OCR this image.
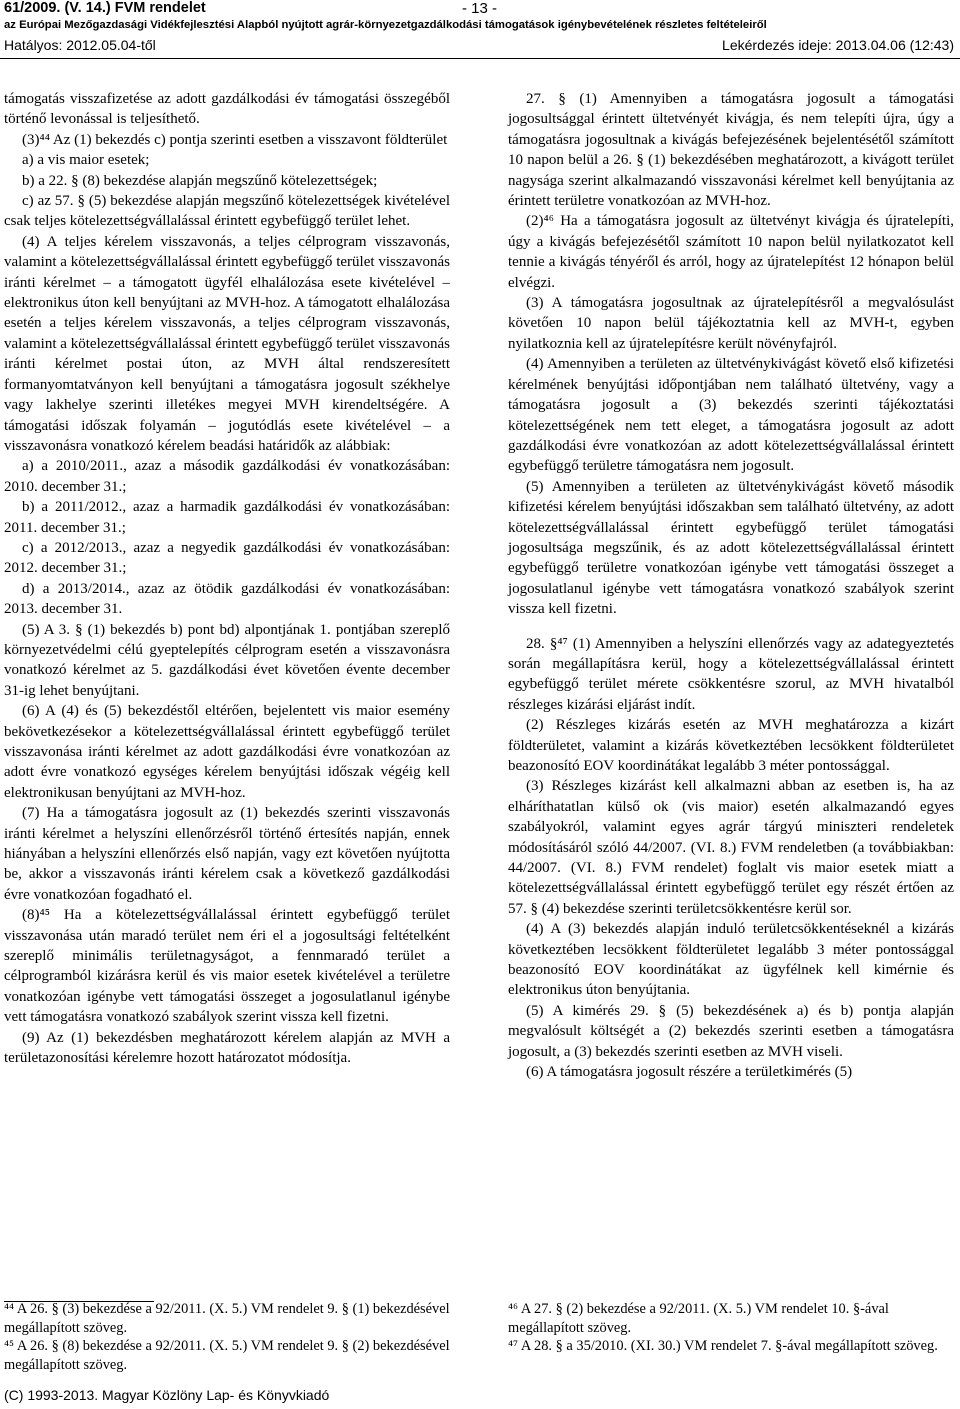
61/2009. (V. 14.) FVM rendelet	- 13 -
az Európai Mezőgazdasági Vidékfejlesztési Alapból nyújtott agrár-környezetgazdálkodási támogatások igénybevételének részletes feltételeiről
Hatályos: 2012.05.04-től	Lekérdezés ideje: 2013.04.06 (12:43)

támogatás visszafizetése az adott gazdálkodási év támogatási összegéből történő levonással is teljesíthető.

(3)⁴⁴ Az (1) bekezdés c) pontja szerinti esetben a visszavont földterület

a) a vis maior esetek;

b) a 22. § (8) bekezdése alapján megszűnő kötelezettségek;

c) az 57. § (5) bekezdése alapján megszűnő kötelezettségek kivételével csak teljes kötelezettségvállalással érintett egybefüggő terület lehet.

(4) A teljes kérelem visszavonás, a teljes célprogram visszavonás, valamint a kötelezettségvállalással érintett egybefüggő terület visszavonás iránti kérelmet – a támogatott ügyfél elhalálozása esete kivételével – elektronikus úton kell benyújtani az MVH-hoz. A támogatott elhalálozása esetén a teljes kérelem visszavonás, a teljes célprogram visszavonás, valamint a kötelezettségvállalással érintett egybefüggő terület visszavonás iránti kérelmet postai úton, az MVH által rendszeresített formanyomtatványon kell benyújtani a támogatásra jogosult székhelye vagy lakhelye szerinti illetékes megyei MVH kirendeltségére. A támogatási időszak folyamán – jogutódlás esete kivételével – a visszavonásra vonatkozó kérelem beadási határidők az alábbiak:

a) a 2010/2011., azaz a második gazdálkodási év vonatkozásában: 2010. december 31.;

b) a 2011/2012., azaz a harmadik gazdálkodási év vonatkozásában: 2011. december 31.;

c) a 2012/2013., azaz a negyedik gazdálkodási év vonatkozásában: 2012. december 31.;

d) a 2013/2014., azaz az ötödik gazdálkodási év vonatkozásában: 2013. december 31.

(5) A 3. § (1) bekezdés b) pont bd) alpontjának 1. pontjában szereplő környezetvédelmi célú gyeptelepítés célprogram esetén a visszavonásra vonatkozó kérelmet az 5. gazdálkodási évet követően évente december 31-ig lehet benyújtani.

(6) A (4) és (5) bekezdéstől eltérően, bejelentett vis maior esemény bekövetkezésekor a kötelezettségvállalással érintett egybefüggő terület visszavonása iránti kérelmet az adott gazdálkodási évre vonatkozóan az adott évre vonatkozó egységes kérelem benyújtási időszak végéig kell elektronikusan benyújtani az MVH-hoz.

(7) Ha a támogatásra jogosult az (1) bekezdés szerinti visszavonás iránti kérelmet a helyszíni ellenőrzésről történő értesítés napján, ennek hiányában a helyszíni ellenőrzés első napján, vagy ezt követően nyújtotta be, akkor a visszavonás iránti kérelem csak a következő gazdálkodási évre vonatkozóan fogadható el.

(8)⁴⁵ Ha a kötelezettségvállalással érintett egybefüggő terület visszavonása után maradó terület nem éri el a jogosultsági feltételként szereplő minimális területnagyságot, a fennmaradó terület a célprogramból kizárásra kerül és vis maior esetek kivételével a területre vonatkozóan igénybe vett támogatási összeget a jogosulatlanul igénybe vett támogatásra vonatkozó szabályok szerint vissza kell fizetni.

(9) Az (1) bekezdésben meghatározott kérelem alapján az MVH a területazonosítási kérelemre hozott határozatot módosítja.

27. § (1) Amennyiben a támogatásra jogosult a támogatási jogosultsággal érintett ültetvényét kivágja, és nem telepíti újra, úgy a támogatásra jogosultnak a kivágás befejezésének bejelentésétől számított 10 napon belül a 26. § (1) bekezdésében meghatározott, a kivágott terület nagysága szerint alkalmazandó visszavonási kérelmet kell benyújtania az érintett területre vonatkozóan az MVH-hoz.

(2)⁴⁶ Ha a támogatásra jogosult az ültetvényt kivágja és újratelepíti, úgy a kivágás befejezésétől számított 10 napon belül nyilatkozatot kell tennie a kivágás tényéről és arról, hogy az újratelepítést 12 hónapon belül elvégzi.

(3) A támogatásra jogosultnak az újratelepítésről a megvalósulást követően 10 napon belül tájékoztatnia kell az MVH-t, egyben nyilatkoznia kell az újratelepítésre került növényfajról.

(4) Amennyiben a területen az ültetvénykivágást követő első kifizetési kérelmének benyújtási időpontjában nem található ültetvény, vagy a támogatásra jogosult a (3) bekezdés szerinti tájékoztatási kötelezettségének nem tett eleget, a támogatásra jogosult az adott gazdálkodási évre vonatkozóan az adott kötelezettségvállalással érintett egybefüggő területre támogatásra nem jogosult.

(5) Amennyiben a területen az ültetvénykivágást követő második kifizetési kérelem benyújtási időszakban sem található ültetvény, az adott kötelezettségvállalással érintett egybefüggő terület támogatási jogosultsága megszűnik, és az adott kötelezettségvállalással érintett egybefüggő területre vonatkozóan igénybe vett támogatási összeget a jogosulatlanul igénybe vett támogatásra vonatkozó szabályok szerint vissza kell fizetni.

28. §⁴⁷ (1) Amennyiben a helyszíni ellenőrzés vagy az adategyeztetés során megállapításra kerül, hogy a kötelezettségvállalással érintett egybefüggő terület mérete csökkentésre szorul, az MVH hivatalból részleges kizárási eljárást indít.

(2) Részleges kizárás esetén az MVH meghatározza a kizárt földterületet, valamint a kizárás következtében lecsökkent földterületet beazonosító EOV koordinátákat legalább 3 méter pontossággal.

(3) Részleges kizárást kell alkalmazni abban az esetben is, ha az elháríthatatlan külső ok (vis maior) esetén alkalmazandó egyes szabályokról, valamint egyes agrár tárgyú miniszteri rendeletek módosításáról szóló 44/2007. (VI. 8.) FVM rendeletben (a továbbiakban: 44/2007. (VI. 8.) FVM rendelet) foglalt vis maior esetek miatt a kötelezettségvállalással érintett egybefüggő terület egy részét értően az 57. § (4) bekezdése szerinti területcsökkentésre kerül sor.

(4) A (3) bekezdés alapján induló területcsökkentéseknél a kizárás következtében lecsökkent földterületet legalább 3 méter pontossággal beazonosító EOV koordinátákat az ügyfélnek kell kimérnie és elektronikus úton benyújtania.

(5) A kimérés 29. § (5) bekezdésének a) és b) pontja alapján megvalósult költségét a (2) bekezdés szerinti esetben a támogatásra jogosult, a (3) bekezdés szerinti esetben az MVH viseli.

(6) A támogatásra jogosult részére a területkimérés (5)

⁴⁴ A 26. § (3) bekezdése a 92/2011. (X. 5.) VM rendelet 9. § (1) bekezdésével megállapított szöveg.

⁴⁵ A 26. § (8) bekezdése a 92/2011. (X. 5.) VM rendelet 9. § (2) bekezdésével megállapított szöveg.

⁴⁶ A 27. § (2) bekezdése a 92/2011. (X. 5.) VM rendelet 10. §-ával megállapított szöveg.

⁴⁷ A 28. § a 35/2010. (XI. 30.) VM rendelet 7. §-ával megállapított szöveg.

(C) 1993-2013. Magyar Közlöny Lap- és Könyvkiadó
